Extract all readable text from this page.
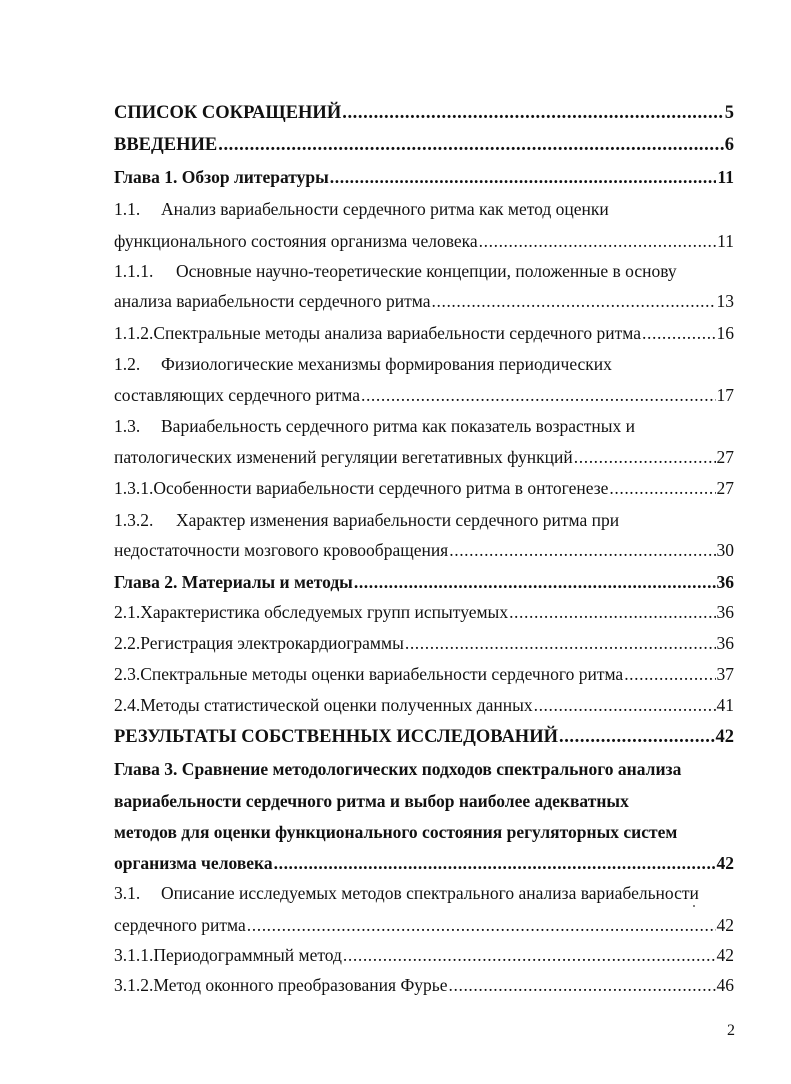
СПИСОК СОКРАЩЕНИЙ .....	5
ВВЕДЕНИЕ .....	6
Глава 1. Обзор литературы .....	11
1.1.	Анализ вариабельности сердечного ритма как метод оценки
функционального состояния организма человека .....	11
1.1.1.	Основные научно-теоретические концепции, положенные в основу
анализа вариабельности сердечного ритма .....	13
1.1.2. Спектральные методы анализа вариабельности сердечного ритма .....	16
1.2.	Физиологические механизмы формирования периодических
составляющих сердечного ритма .....	17
1.3.	Вариабельность сердечного ритма как показатель возрастных и
патологических изменений регуляции вегетативных функций .....	27
1.3.1. Особенности вариабельности сердечного ритма в онтогенезе .....	27
1.3.2.	Характер изменения вариабельности сердечного ритма при
недостаточности мозгового кровообращения .....	30
Глава 2. Материалы и методы .....	36
2.1. Характеристика обследуемых групп испытуемых .....	36
2.2. Регистрация электрокардиограммы .....	36
2.3. Спектральные методы оценки вариабельности сердечного ритма .....	37
2.4. Методы статистической оценки полученных данных .....	41
РЕЗУЛЬТАТЫ СОБСТВЕННЫХ ИССЛЕДОВАНИЙ .....	42
Глава 3. Сравнение методологических подходов спектрального анализа
вариабельности сердечного ритма и выбор наиболее адекватных
методов для оценки функционального состояния регуляторных систем
организма человека .....	42
3.1.	Описание исследуемых методов спектрального анализа вариабельности
сердечного ритма .....	42
3.1.1. Периодограммный метод .....	42
3.1.2. Метод оконного преобразования Фурье .....	46
2
